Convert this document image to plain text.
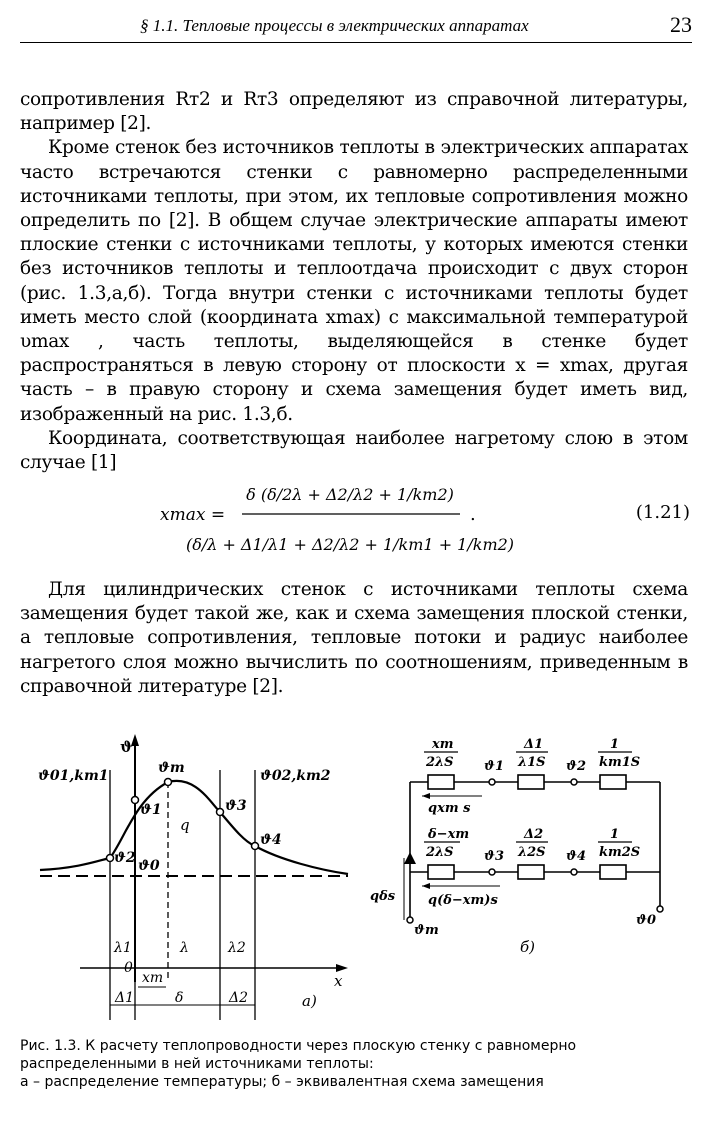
§ 1.1. Тепловые процессы в электрических аппаратах	23

сопротивления Rт2 и Rт3 определяют из справочной литературы, например [2].

Кроме стенок без источников теплоты в электрических аппаратах часто встречаются стенки с равномерно распределенными источниками теплоты, при этом, их тепловые сопротивления можно определить по [2]. В общем случае электрические аппараты имеют плоские стенки с источниками теплоты, у которых имеются стенки без источников теплоты и теплоотдача происходит с двух сторон (рис. 1.3,а,б). Тогда внутри стенки с источниками теплоты будет иметь место слой (координата xmax) с максимальной температурой υmax , часть теплоты, выделяющейся в стенке будет распространяться в левую сторону от плоскости x = xmax, другая часть – в правую сторону и схема замещения будет иметь вид, изображенный на рис. 1.3,б.

Координата, соответствующая наиболее нагретому слою в этом случае [1]

xmax =
δ (δ/2λ + Δ2/λ2 + 1/kт2)
(δ/λ + Δ1/λ1 + Δ2/λ2 + 1/kт1 + 1/kт2)
.	(1.21)

Для цилиндрических стенок с источниками теплоты схема замещения будет такой же, как и схема замещения плоской стенки, а тепловые сопротивления, тепловые потоки и радиус наиболее нагретого слоя можно вычислить по соотношениям, приведенным в справочной литературе [2].

ϑ
x
ϑ01,kт1	ϑ02,kт2
ϑm
ϑ1
ϑ2
ϑ3
ϑ4
ϑ0
q
λ1	λ	λ2
0
xm
Δ1	δ	Δ2	а)
xm
2λS
Δ1
λ1S
1
kт1S
ϑ1	ϑ2
qxm s
δ−xm
2λS
Δ2
λ2S
1
kт2S
ϑ3	ϑ4
q(δ−xm)s
qδs
ϑm
ϑ0
б)
Рис. 1.3. К расчету теплопроводности через плоскую стенку с равномерно распределенными в ней источниками теплоты:
а – распределение температуры; б – эквивалентная схема замещения
